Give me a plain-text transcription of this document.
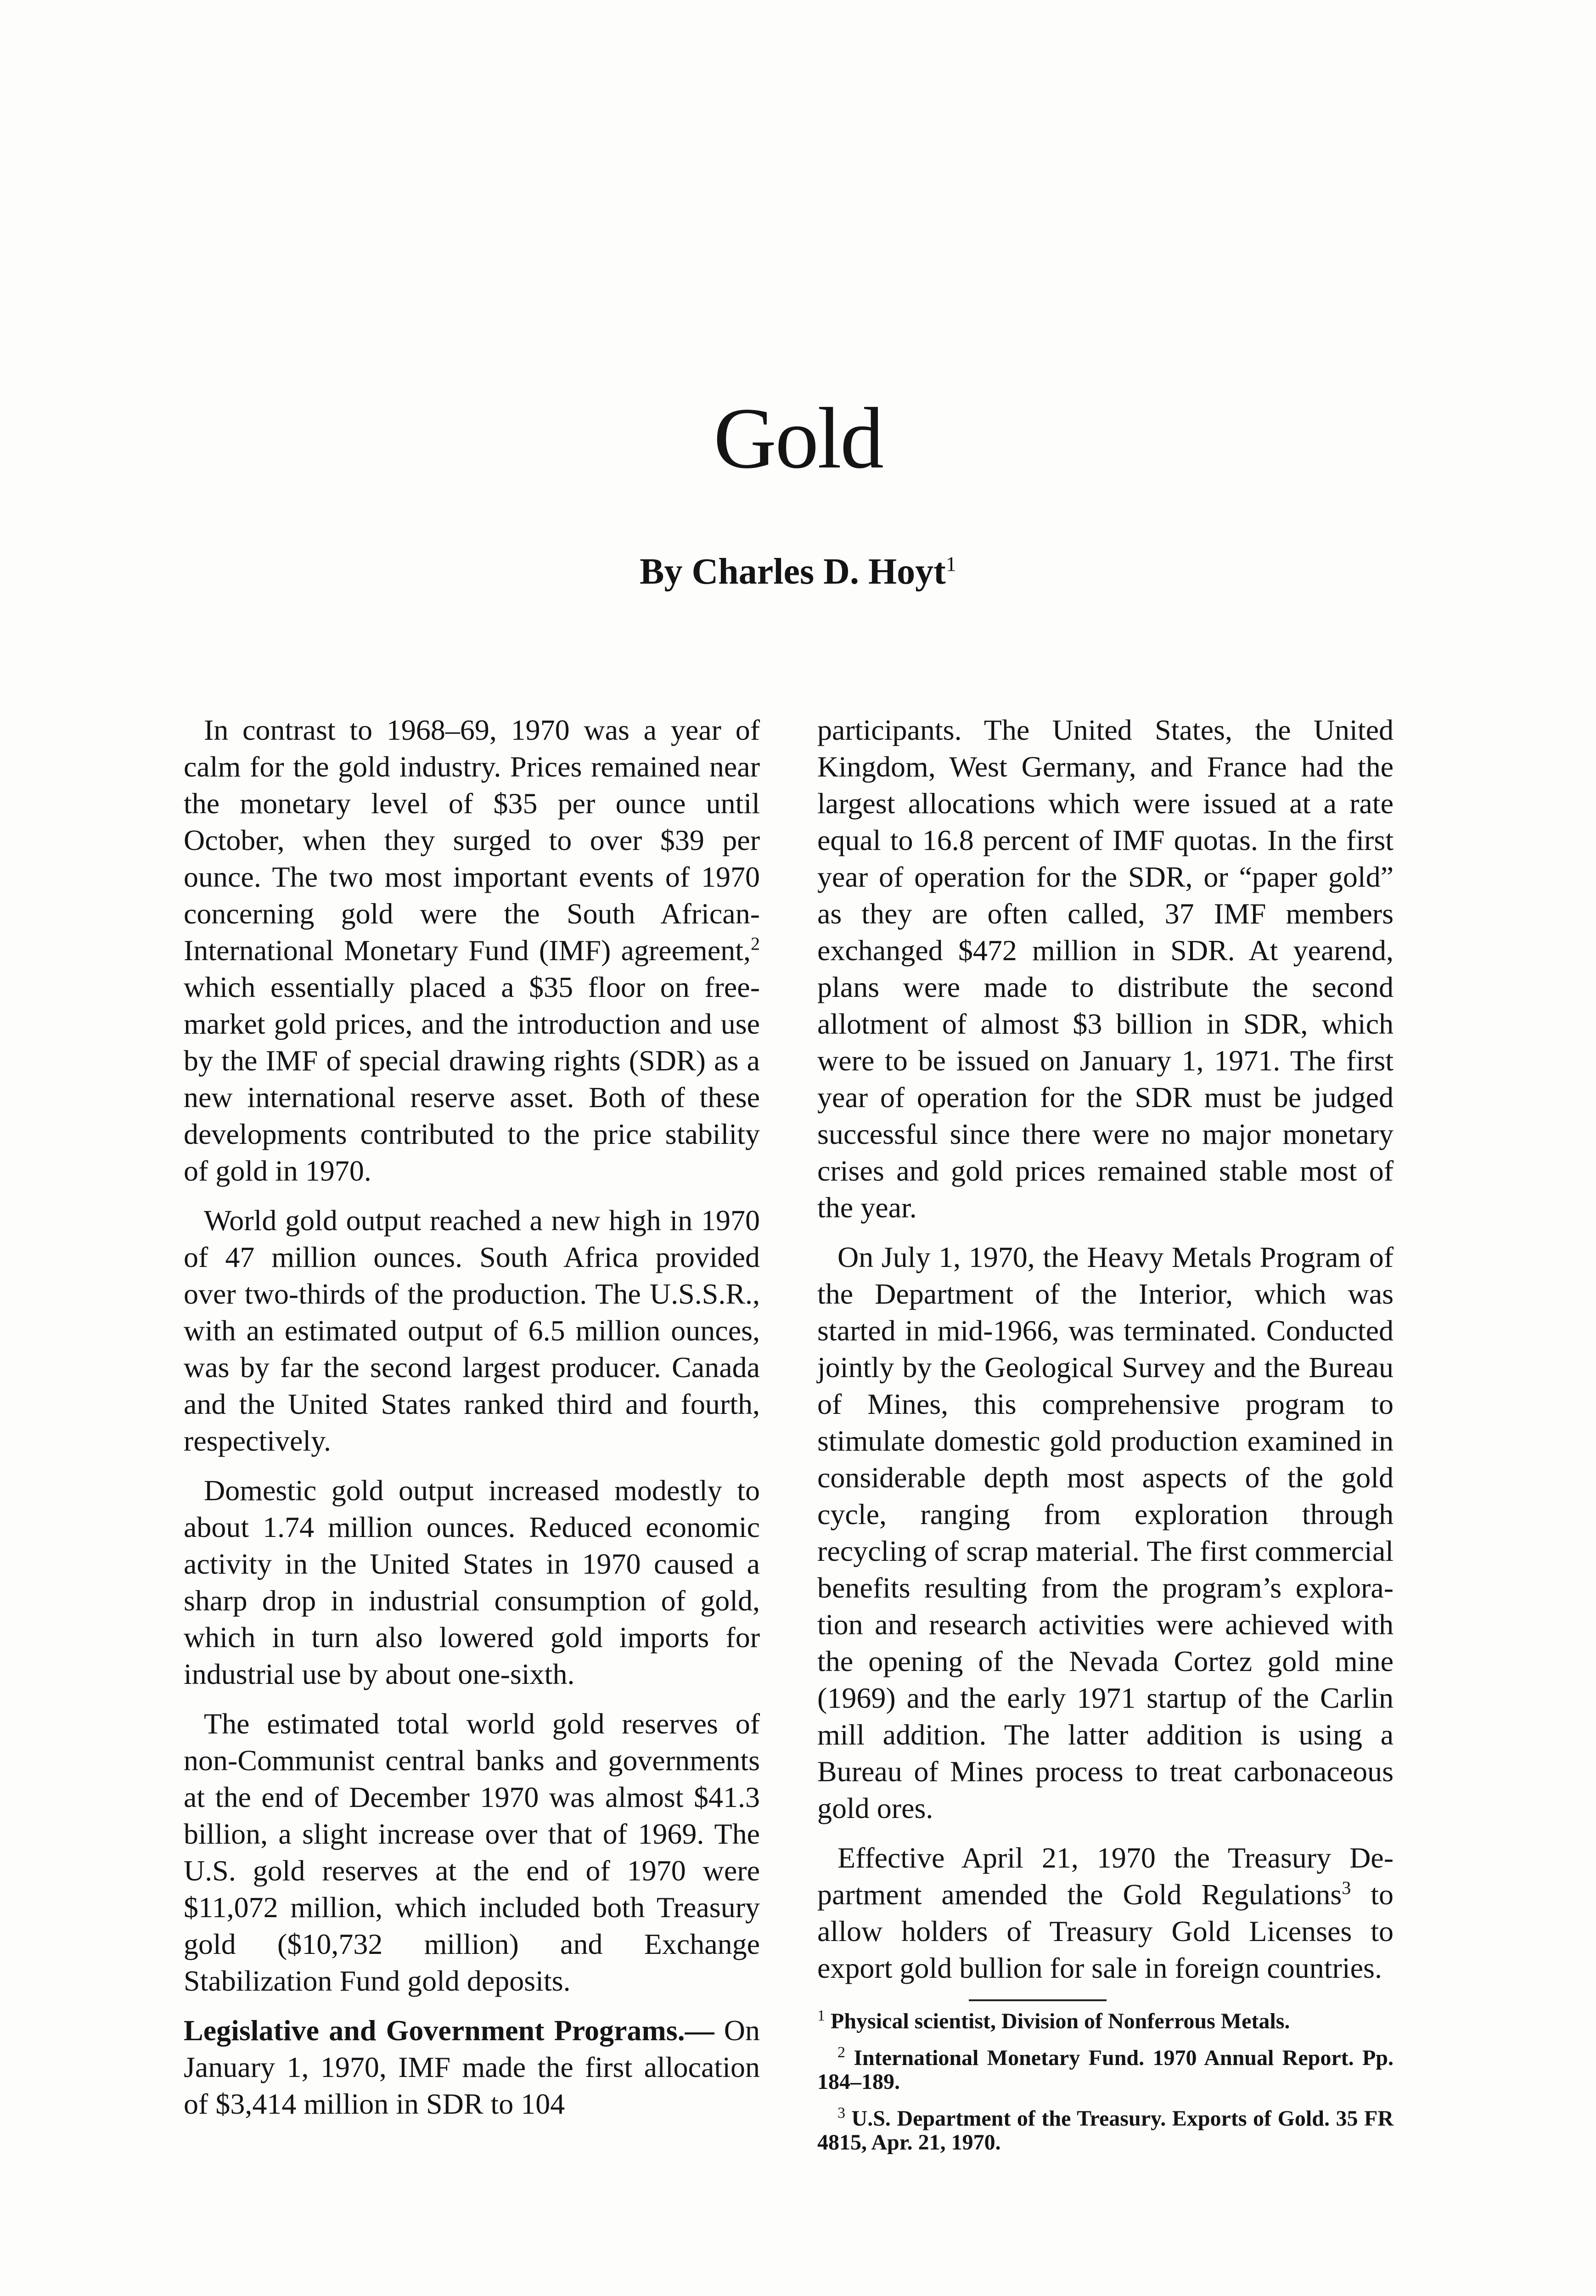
Gold
By Charles D. Hoyt$^1$

In contrast to 1968–69, 1970 was a year of calm for the gold industry. Prices remained near the monetary level of $35 per ounce until October, when they surged to over $39 per ounce. The two most important events of 1970 concerning gold were the South African-International Monetary Fund (IMF) agreement,$^2$ which essentially placed a $35 floor on free-market gold prices, and the introduction and use by the IMF of special drawing rights (SDR) as a new international reserve asset. Both of these developments contributed to the price stability of gold in 1970.

World gold output reached a new high in 1970 of 47 million ounces. South Africa provided over two-thirds of the production. The U.S.S.R., with an estimated output of 6.5 million ounces, was by far the second largest producer. Canada and the United States ranked third and fourth, respectively.

Domestic gold output increased modestly to about 1.74 million ounces. Reduced economic activity in the United States in 1970 caused a sharp drop in industrial consumption of gold, which in turn also lowered gold imports for industrial use by about one-sixth.

The estimated total world gold reserves of non-Communist central banks and governments at the end of December 1970 was almost $41.3 billion, a slight increase over that of 1969. The U.S. gold reserves at the end of 1970 were $11,072 million, which included both Treasury gold ($10,732 million) and Exchange Stabilization Fund gold deposits.

Legislative and Government Programs.— On January 1, 1970, IMF made the first allocation of $3,414 million in SDR to 104

participants. The United States, the United Kingdom, West Germany, and France had the largest allocations which were issued at a rate equal to 16.8 percent of IMF quotas. In the first year of operation for the SDR, or “paper gold” as they are often called, 37 IMF members exchanged $472 million in SDR. At yearend, plans were made to distribute the second allotment of almost $3 billion in SDR, which were to be issued on January 1, 1971. The first year of operation for the SDR must be judged successful since there were no major monetary crises and gold prices remained stable most of the year.

On July 1, 1970, the Heavy Metals Program of the Department of the Interior, which was started in mid-1966, was terminated. Conducted jointly by the Geological Survey and the Bureau of Mines, this comprehensive program to stimulate domestic gold production examined in considerable depth most aspects of the gold cycle, ranging from exploration through recycling of scrap material. The first commercial benefits resulting from the program’s exploration and research activities were achieved with the opening of the Nevada Cortez gold mine (1969) and the early 1971 startup of the Carlin mill addition. The latter addition is using a Bureau of Mines process to treat carbonaceous gold ores.

Effective April 21, 1970 the Treasury Department amended the Gold Regulations$^3$ to allow holders of Treasury Gold Licenses to export gold bullion for sale in foreign countries.

$^1$ Physical scientist, Division of Nonferrous Metals.

$^2$ International Monetary Fund. 1970 Annual Report. Pp. 184–189.

$^3$ U.S. Department of the Treasury. Exports of Gold. 35 FR 4815, Apr. 21, 1970.
